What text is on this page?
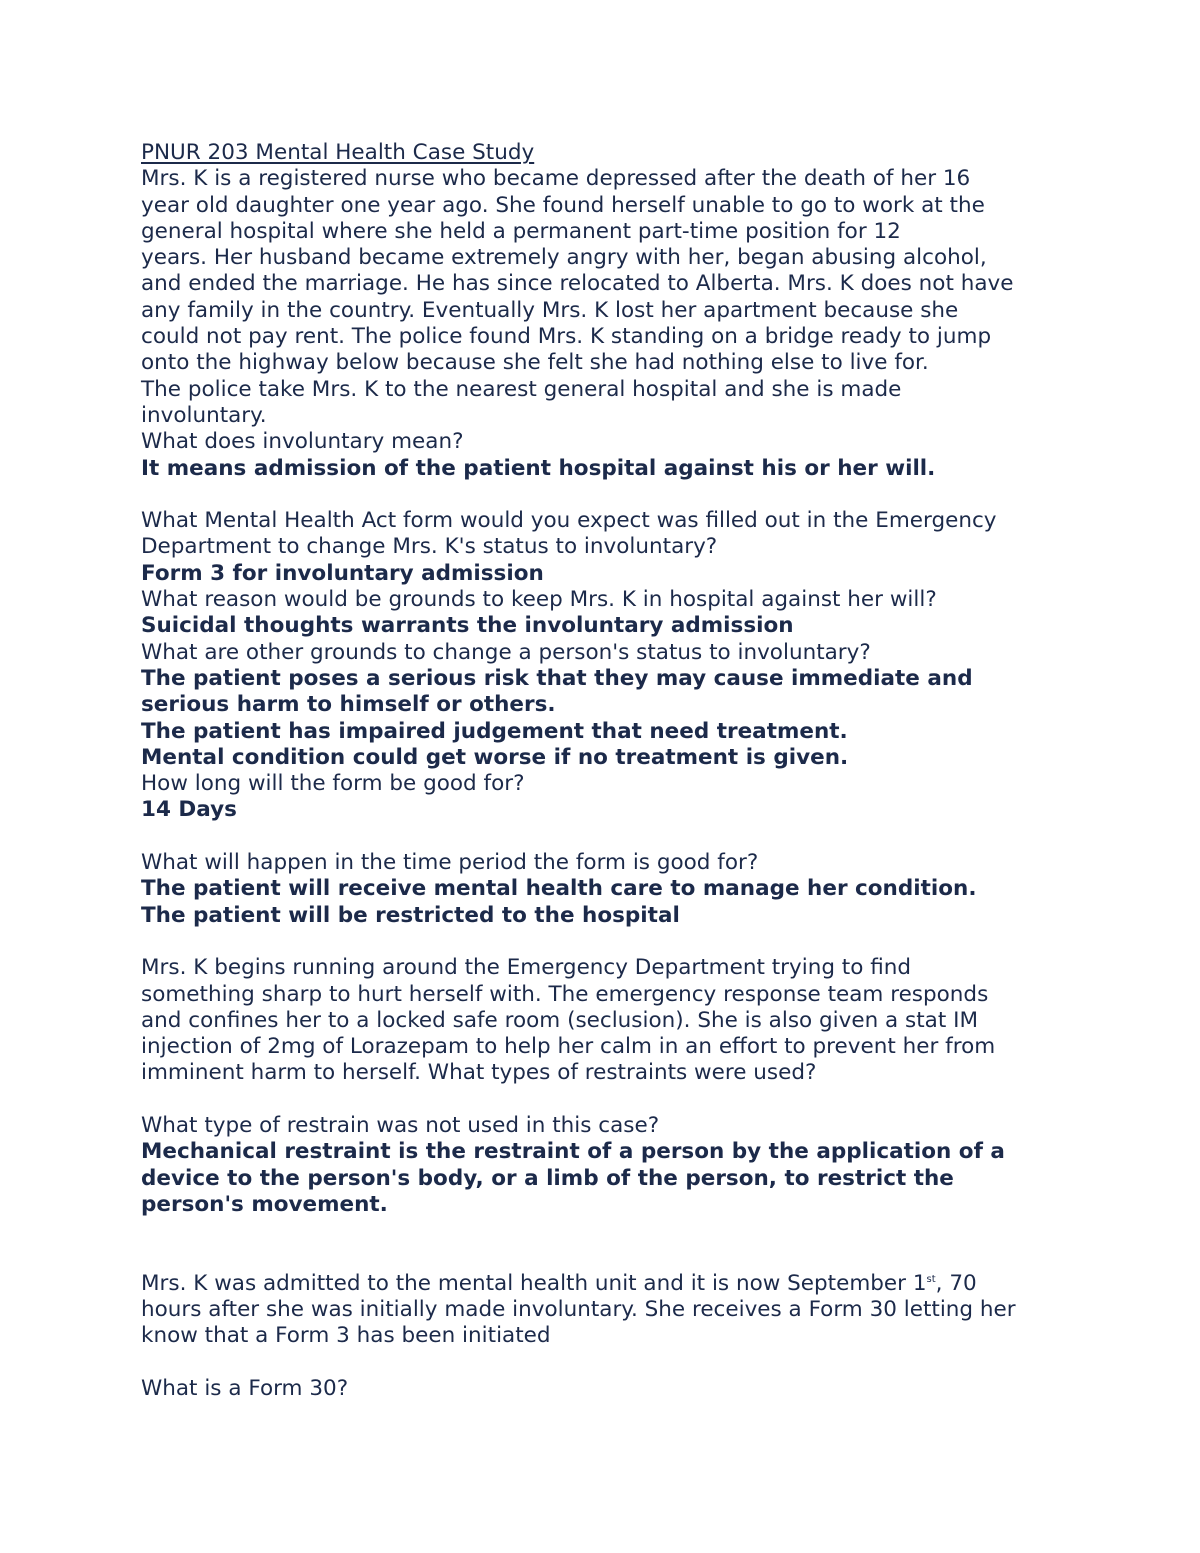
PNUR 203 Mental Health Case Study
Mrs. K is a registered nurse who became depressed after the death of her 16
year old daughter one year ago. She found herself unable to go to work at the
general hospital where she held a permanent part-time position for 12
years. Her husband became extremely angry with her, began abusing alcohol,
and ended the marriage. He has since relocated to Alberta. Mrs. K does not have
any family in the country. Eventually Mrs. K lost her apartment because she
could not pay rent. The police found Mrs. K standing on a bridge ready to jump
onto the highway below because she felt she had nothing else to live for.
The police take Mrs. K to the nearest general hospital and she is made
involuntary.
What does involuntary mean?
It means admission of the patient hospital against his or her will.
What Mental Health Act form would you expect was filled out in the Emergency
Department to change Mrs. K's status to involuntary?
Form 3 for involuntary admission
What reason would be grounds to keep Mrs. K in hospital against her will?
Suicidal thoughts warrants the involuntary admission
What are other grounds to change a person's status to involuntary?
The patient poses a serious risk that they may cause immediate and
serious harm to himself or others.
The patient has impaired judgement that need treatment.
Mental condition could get worse if no treatment is given.
How long will the form be good for?
14 Days
What will happen in the time period the form is good for?
The patient will receive mental health care to manage her condition.
The patient will be restricted to the hospital
Mrs. K begins running around the Emergency Department trying to find
something sharp to hurt herself with. The emergency response team responds
and confines her to a locked safe room (seclusion). She is also given a stat IM
injection of 2mg of Lorazepam to help her calm in an effort to prevent her from
imminent harm to herself. What types of restraints were used?
What type of restrain was not used in this case?
Mechanical restraint is the restraint of a person by the application of a
device to the person's body, or a limb of the person, to restrict the
person's movement.
Mrs. K was admitted to the mental health unit and it is now September 1st, 70
hours after she was initially made involuntary. She receives a Form 30 letting her
know that a Form 3 has been initiated
What is a Form 30?
